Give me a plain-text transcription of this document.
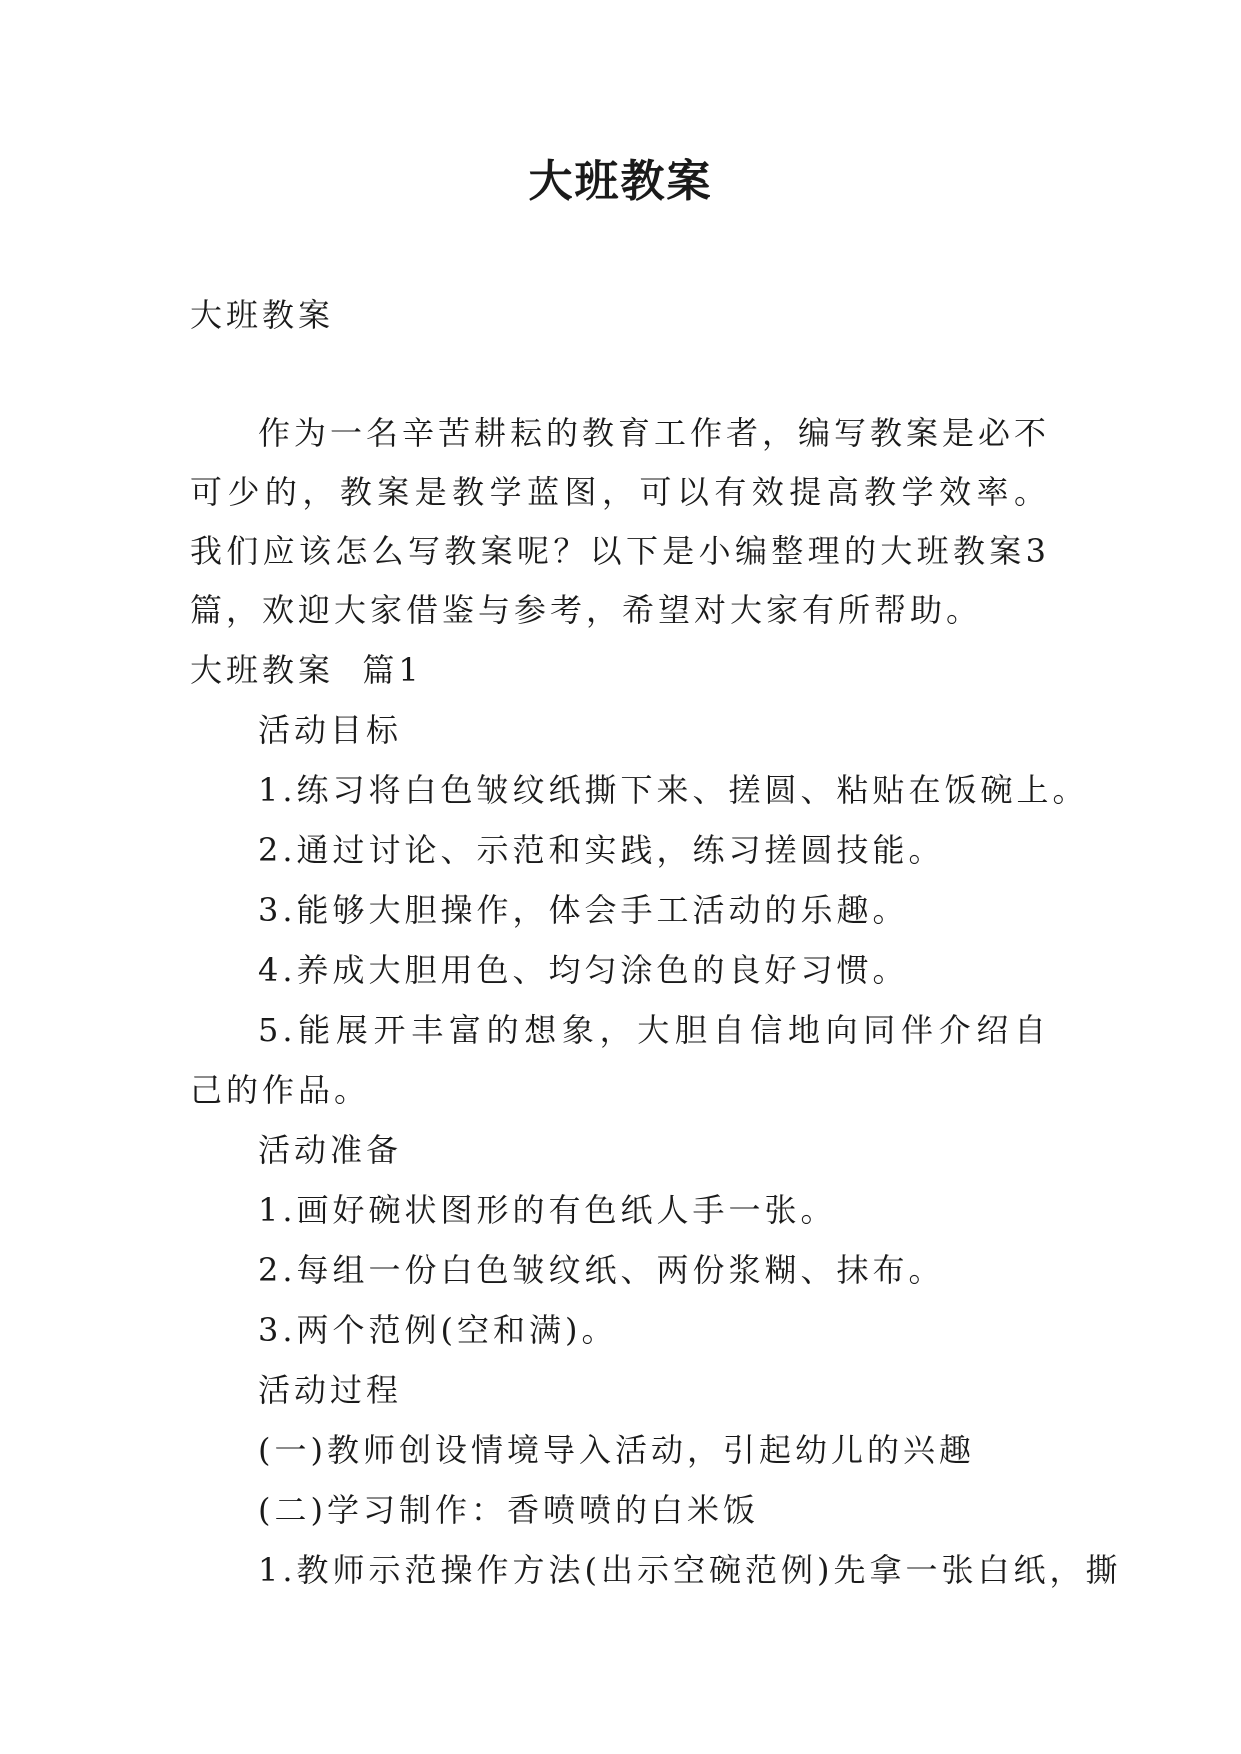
大班教案

大班教案

作为一名辛苦耕耘的教育工作者，编写教案是必不可少的，教案是教学蓝图，可以有效提高教学效率。我们应该怎么写教案呢？以下是小编整理的大班教案3篇，欢迎大家借鉴与参考，希望对大家有所帮助。

大班教案  篇1

活动目标

1.练习将白色皱纹纸撕下来、搓圆、粘贴在饭碗上。

2.通过讨论、示范和实践，练习搓圆技能。

3.能够大胆操作，体会手工活动的乐趣。

4.养成大胆用色、均匀涂色的良好习惯。

5.能展开丰富的想象，大胆自信地向同伴介绍自己的作品。

活动准备

1.画好碗状图形的有色纸人手一张。

2.每组一份白色皱纹纸、两份浆糊、抹布。

3.两个范例(空和满)。

活动过程

(一)教师创设情境导入活动，引起幼儿的兴趣

(二)学习制作：香喷喷的白米饭

1.教师示范操作方法(出示空碗范例)先拿一张白纸，撕
